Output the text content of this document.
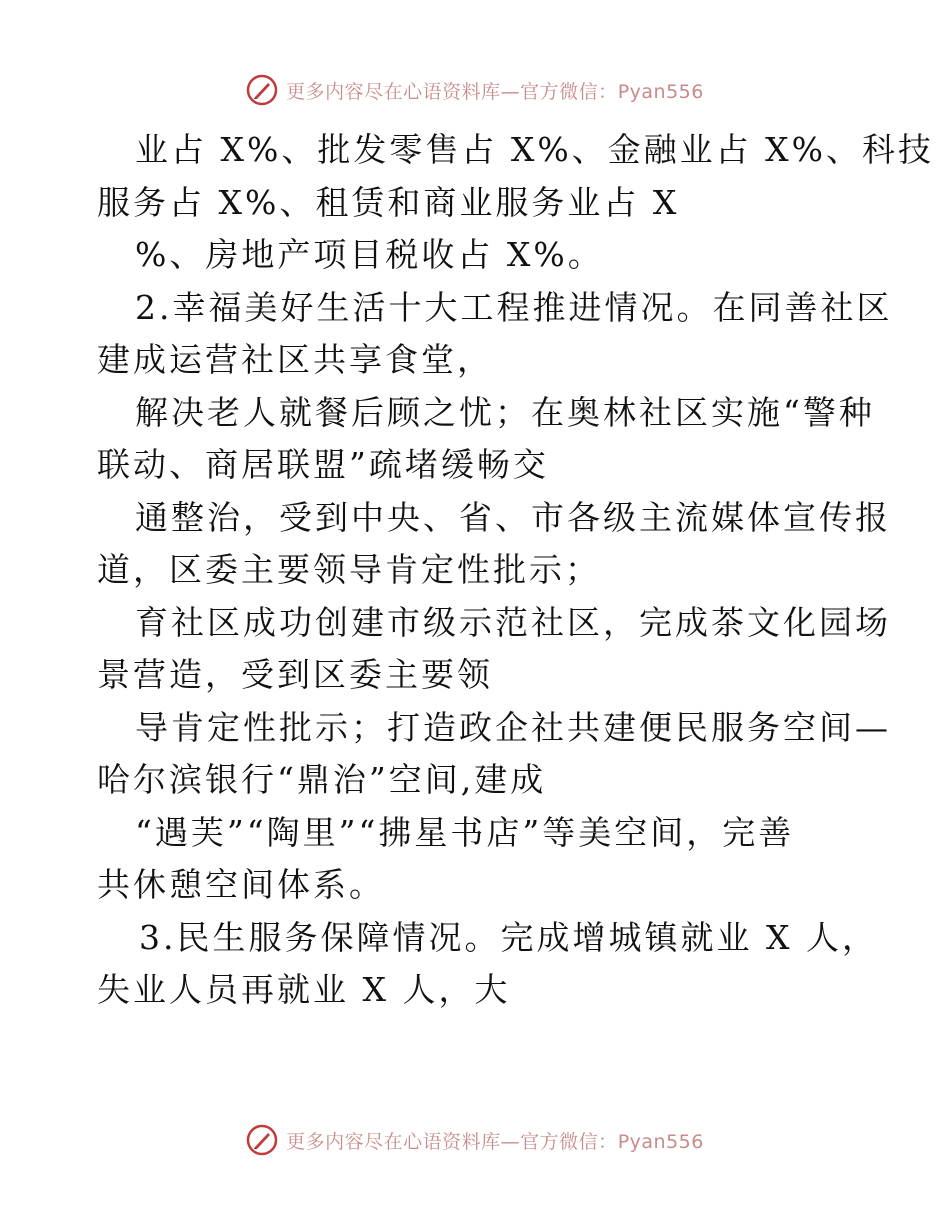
更多内容尽在心语资料库—官方微信：Pyan556
业占 X%、批发零售占 X%、金融业占 X%、科技
服务占 X%、租赁和商业服务业占 X
%、房地产项目税收占 X%。
2.幸福美好生活十大工程推进情况。在同善社区
建成运营社区共享食堂，
解决老人就餐后顾之忧；在奥林社区实施“警种
联动、商居联盟”疏堵缓畅交
通整治，受到中央、省、市各级主流媒体宣传报
道，区委主要领导肯定性批示；
育社区成功创建市级示范社区，完成茶文化园场
景营造，受到区委主要领
导肯定性批示；打造政企社共建便民服务空间—
哈尔滨银行“鼎治”空间,建成
“遇芙”“陶里”“拂星书店”等美空间，完善
共休憩空间体系。
3.民生服务保障情况。完成增城镇就业 X 人，
失业人员再就业 X 人，大
更多内容尽在心语资料库—官方微信：Pyan556
